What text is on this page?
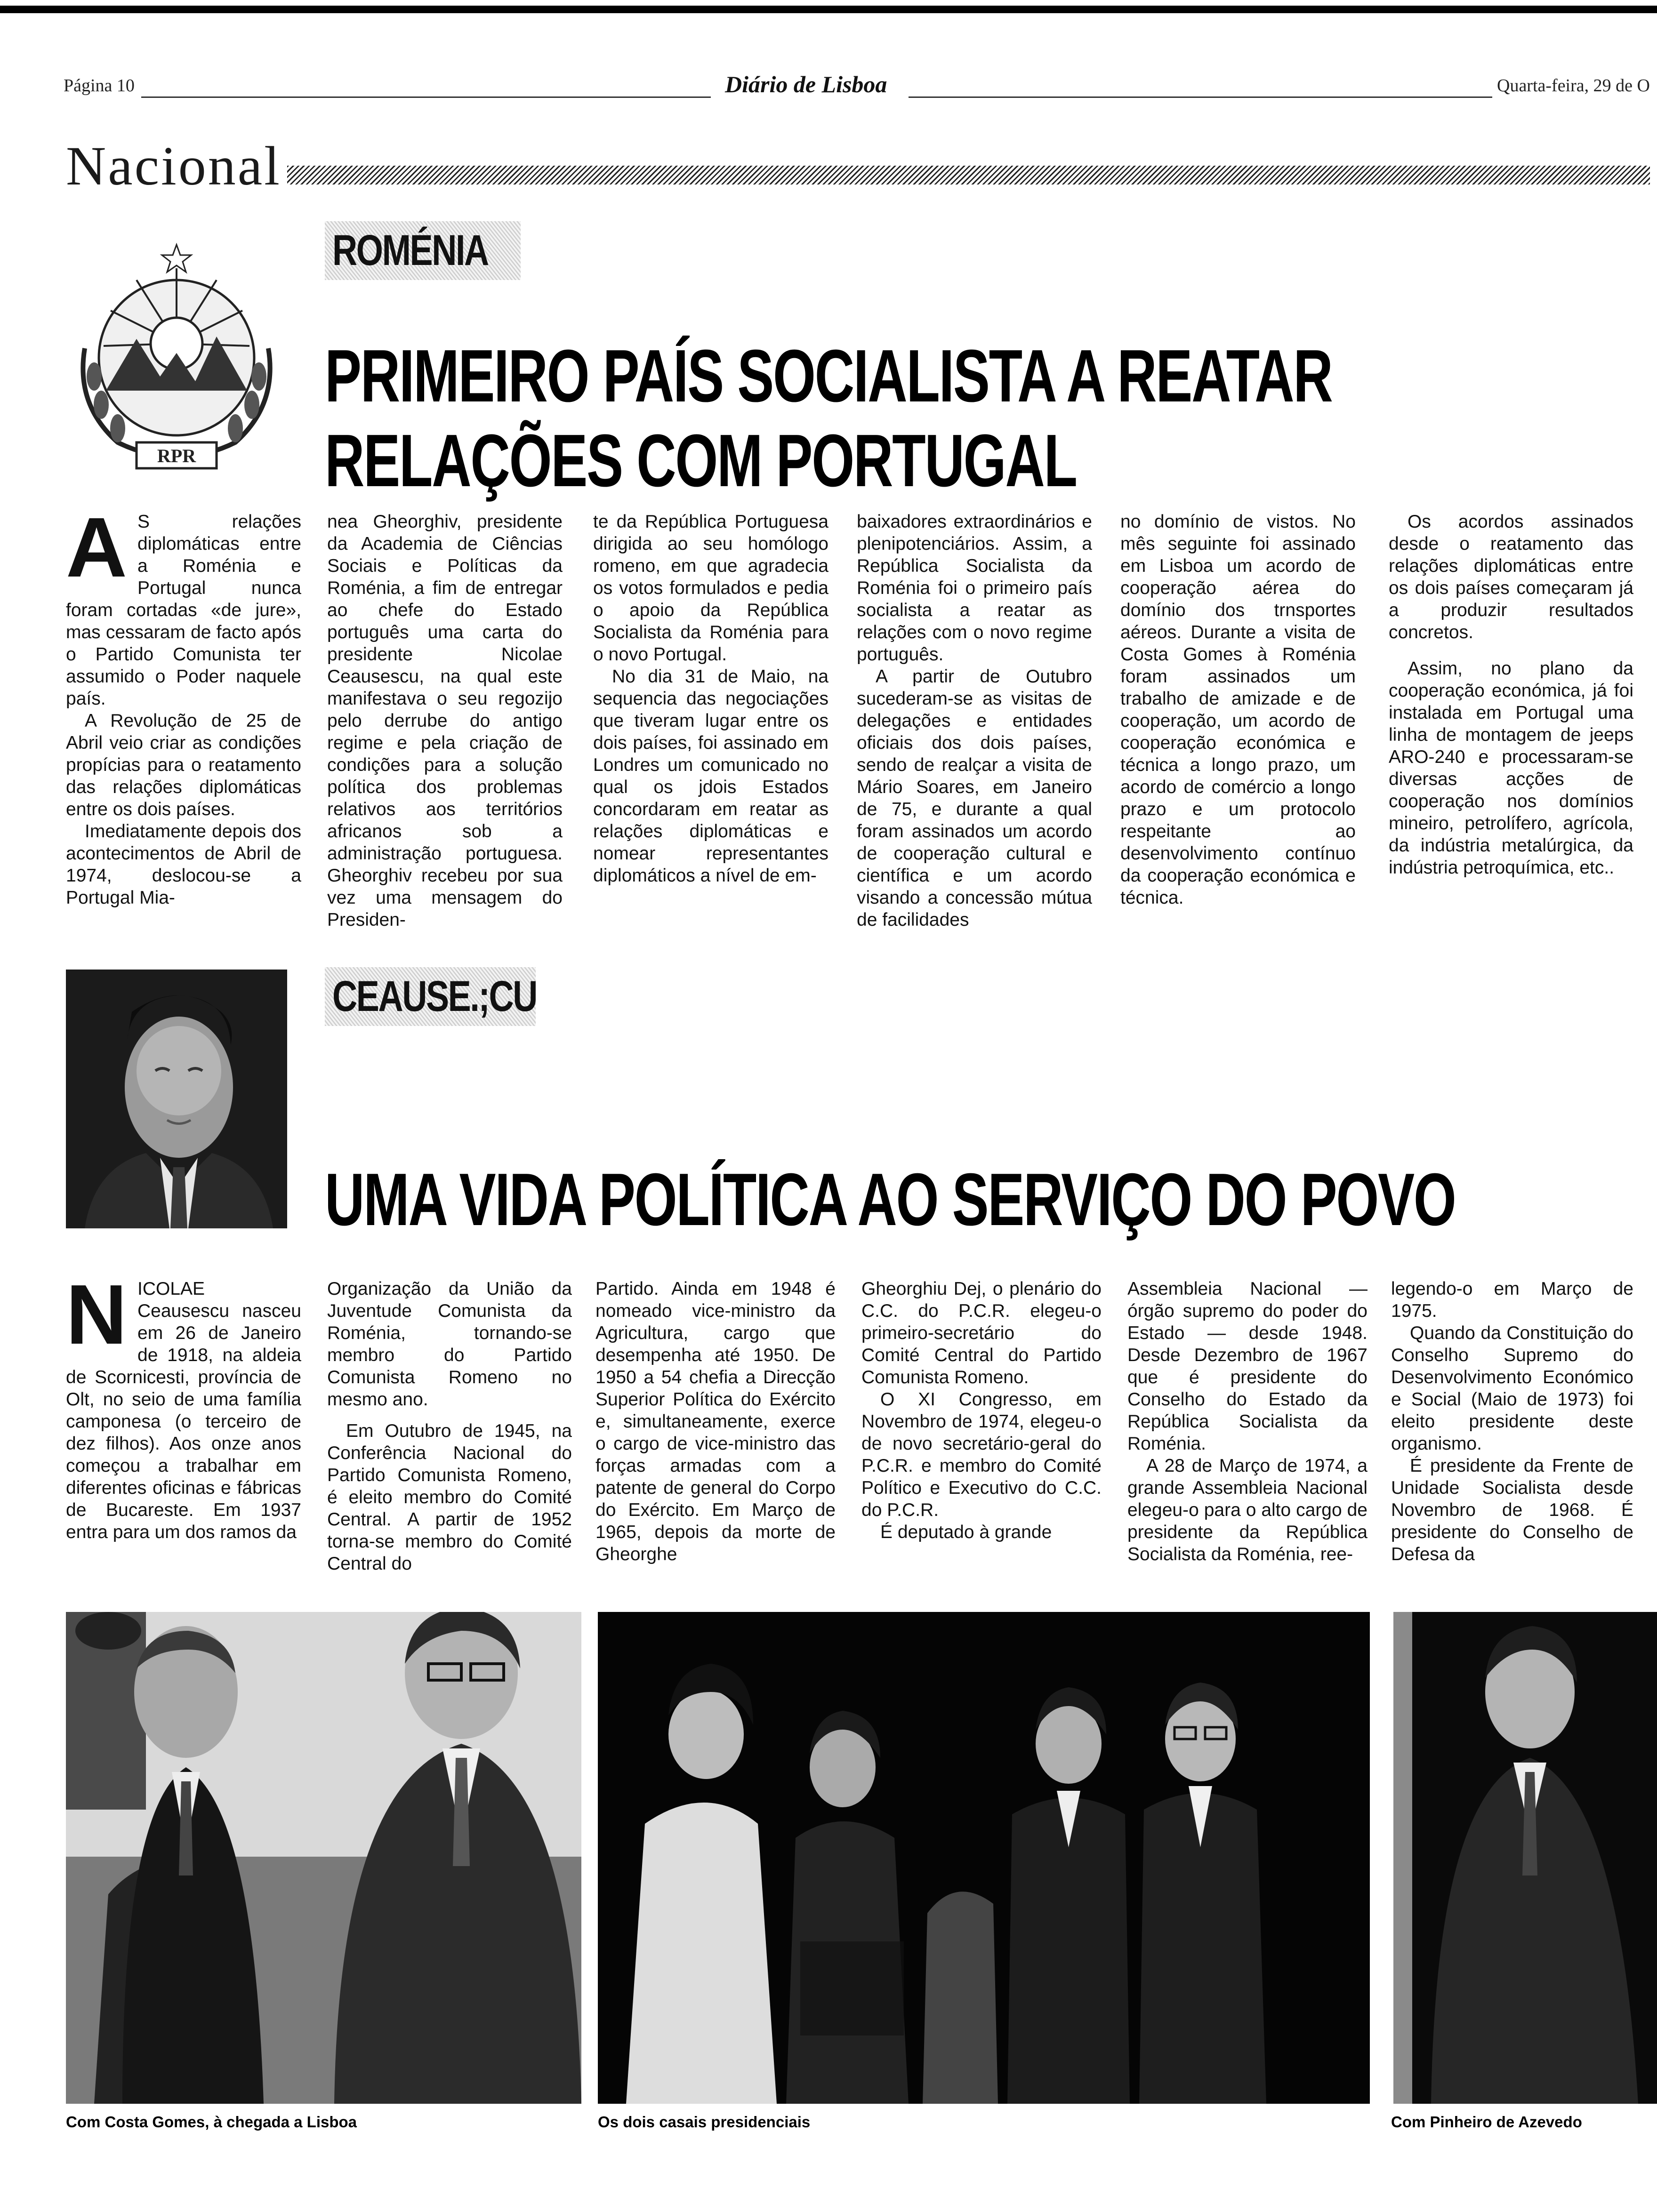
Página 10	Diário de Lisboa	Quarta-feira, 29 de O
Nacional
RPR
ROMÉNIA
PRIMEIRO PAÍS SOCIALISTA A REATAR
RELAÇÕES COM PORTUGAL
A S relações diplomáticas entre a Roménia e Portugal nunca foram cortadas «de jure», mas cessaram de facto após o Partido Comunista ter assumido o Poder naquele país.

A Revolução de 25 de Abril veio criar as condições propícias para o reatamento das relações diplomáticas entre os dois países.

Imediatamente depois dos acontecimentos de Abril de 1974, deslocou-se a Portugal Mia-

nea Gheorghiv, presidente da Academia de Ciências Sociais e Políticas da Roménia, a fim de entregar ao chefe do Estado português uma carta do presidente Nicolae Ceausescu, na qual este manifestava o seu regozijo pelo derrube do antigo regime e pela criação de condições para a solução política dos problemas relativos aos territórios africanos sob a administração portuguesa. Gheorghiv recebeu por sua vez uma mensagem do Presiden-

te da República Portuguesa dirigida ao seu homólogo romeno, em que agradecia os votos formulados e pedia o apoio da República Socialista da Roménia para o novo Portugal.

No dia 31 de Maio, na sequencia das negociações que tiveram lugar entre os dois países, foi assinado em Londres um comunicado no qual os jdois Estados concordaram em reatar as relações diplomáticas e nomear representantes diplomáticos a nível de em-

baixadores extraordinários e plenipotenciários. Assim, a República Socialista da Roménia foi o primeiro país socialista a reatar as relações com o novo regime português.

A partir de Outubro sucederam-se as visitas de delegações e entidades oficiais dos dois países, sendo de realçar a visita de Mário Soares, em Janeiro de 75, e durante a qual foram assinados um acordo de cooperação cultural e científica e um acordo visando a concessão mútua de facilidades

no domínio de vistos. No mês seguinte foi assinado em Lisboa um acordo de cooperação aérea do domínio dos trnsportes aéreos. Durante a visita de Costa Gomes à Roménia foram assinados um trabalho de amizade e de cooperação, um acordo de cooperação económica e técnica a longo prazo, um acordo de comércio a longo prazo e um protocolo respeitante ao desenvolvimento contínuo da cooperação económica e técnica.

Os acordos assinados desde o reatamento das relações diplomáticas entre os dois países começaram já a produzir resultados concretos.

Assim, no plano da cooperação económica, já foi instalada em Portugal uma linha de montagem de jeeps ARO-240 e processaram-se diversas acções de cooperação nos domínios mineiro, petrolífero, agrícola, da indústria metalúrgica, da indústria petroquímica, etc..

CEAUSE.;CU
UMA VIDA POLÍTICA AO SERVIÇO DO POVO
N ICOLAE Ceausescu nasceu em 26 de Janeiro de 1918, na aldeia de Scornicesti, província de Olt, no seio de uma família camponesa (o terceiro de dez filhos). Aos onze anos começou a trabalhar em diferentes oficinas e fábricas de Bucareste. Em 1937 entra para um dos ramos da

Organização da União da Juventude Comunista da Roménia, tornando-se membro do Partido Comunista Romeno no mesmo ano.

Em Outubro de 1945, na Conferência Nacional do Partido Comunista Romeno, é eleito membro do Comité Central. A partir de 1952 torna-se membro do Comité Central do

Partido. Ainda em 1948 é nomeado vice-ministro da Agricultura, cargo que desempenha até 1950. De 1950 a 54 chefia a Direcção Superior Política do Exército e, simultaneamente, exerce o cargo de vice-ministro das forças armadas com a patente de general do Corpo do Exército. Em Março de 1965, depois da morte de Gheorghe

Gheorghiu Dej, o plenário do C.C. do P.C.R. elegeu-o primeiro-secretário do Comité Central do Partido Comunista Romeno.

O XI Congresso, em Novembro de 1974, elegeu-o de novo secretário-geral do P.C.R. e membro do Comité Político e Executivo do C.C. do P.C.R.

É deputado à grande

Assembleia Nacional — órgão supremo do poder do Estado — desde 1948. Desde Dezembro de 1967 que é presidente do Conselho do Estado da República Socialista da Roménia.

A 28 de Março de 1974, a grande Assembleia Nacional elegeu-o para o alto cargo de presidente da República Socialista da Roménia, ree-

legendo-o em Março de 1975.

Quando da Constituição do Conselho Supremo do Desenvolvimento Económico e Social (Maio de 1973) foi eleito presidente deste organismo.

É presidente da Frente de Unidade Socialista desde Novembro de 1968. É presidente do Conselho de Defesa da

Com Costa Gomes, à chegada a Lisboa	Os dois casais presidenciais	Com Pinheiro de Azevedo
